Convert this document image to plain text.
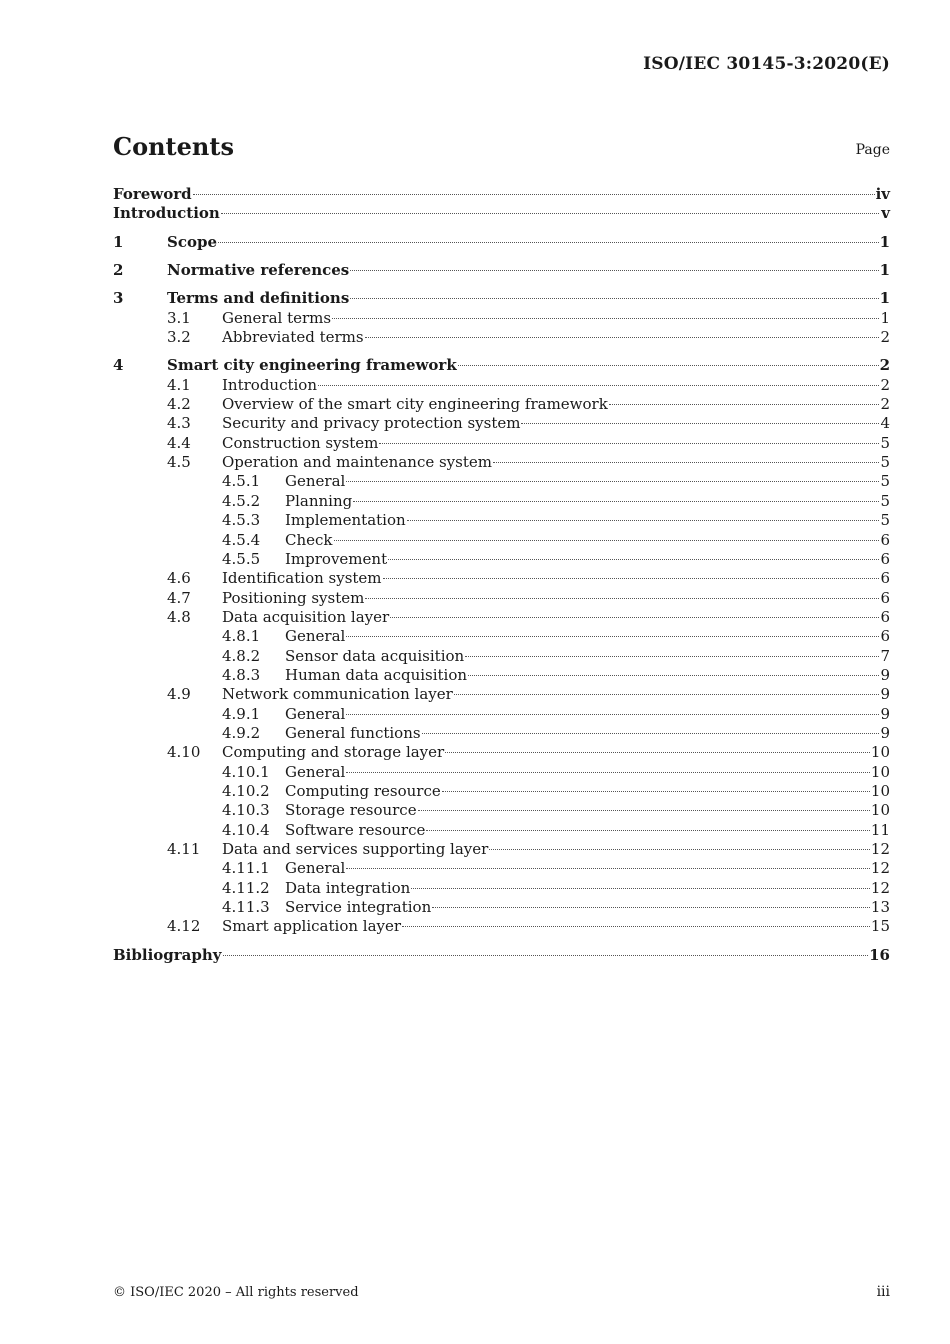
ISO/IEC 30145-3:2020(E)
Contents	Page
Foreword	iv
Introduction	v
1	Scope	1
2	Normative references	1
3	Terms and definitions	1
3.1	General terms	1
3.2	Abbreviated terms	2
4	Smart city engineering framework	2
4.1	Introduction	2
4.2	Overview of the smart city engineering framework	2
4.3	Security and privacy protection system	4
4.4	Construction system	5
4.5	Operation and maintenance system	5
4.5.1	General	5
4.5.2	Planning	5
4.5.3	Implementation	5
4.5.4	Check	6
4.5.5	Improvement	6
4.6	Identification system	6
4.7	Positioning system	6
4.8	Data acquisition layer	6
4.8.1	General	6
4.8.2	Sensor data acquisition	7
4.8.3	Human data acquisition	9
4.9	Network communication layer	9
4.9.1	General	9
4.9.2	General functions	9
4.10	Computing and storage layer	10
4.10.1	General	10
4.10.2	Computing resource	10
4.10.3	Storage resource	10
4.10.4	Software resource	11
4.11	Data and services supporting layer	12
4.11.1	General	12
4.11.2	Data integration	12
4.11.3	Service integration	13
4.12	Smart application layer	15
Bibliography	16
© ISO/IEC 2020 – All rights reserved	iii
